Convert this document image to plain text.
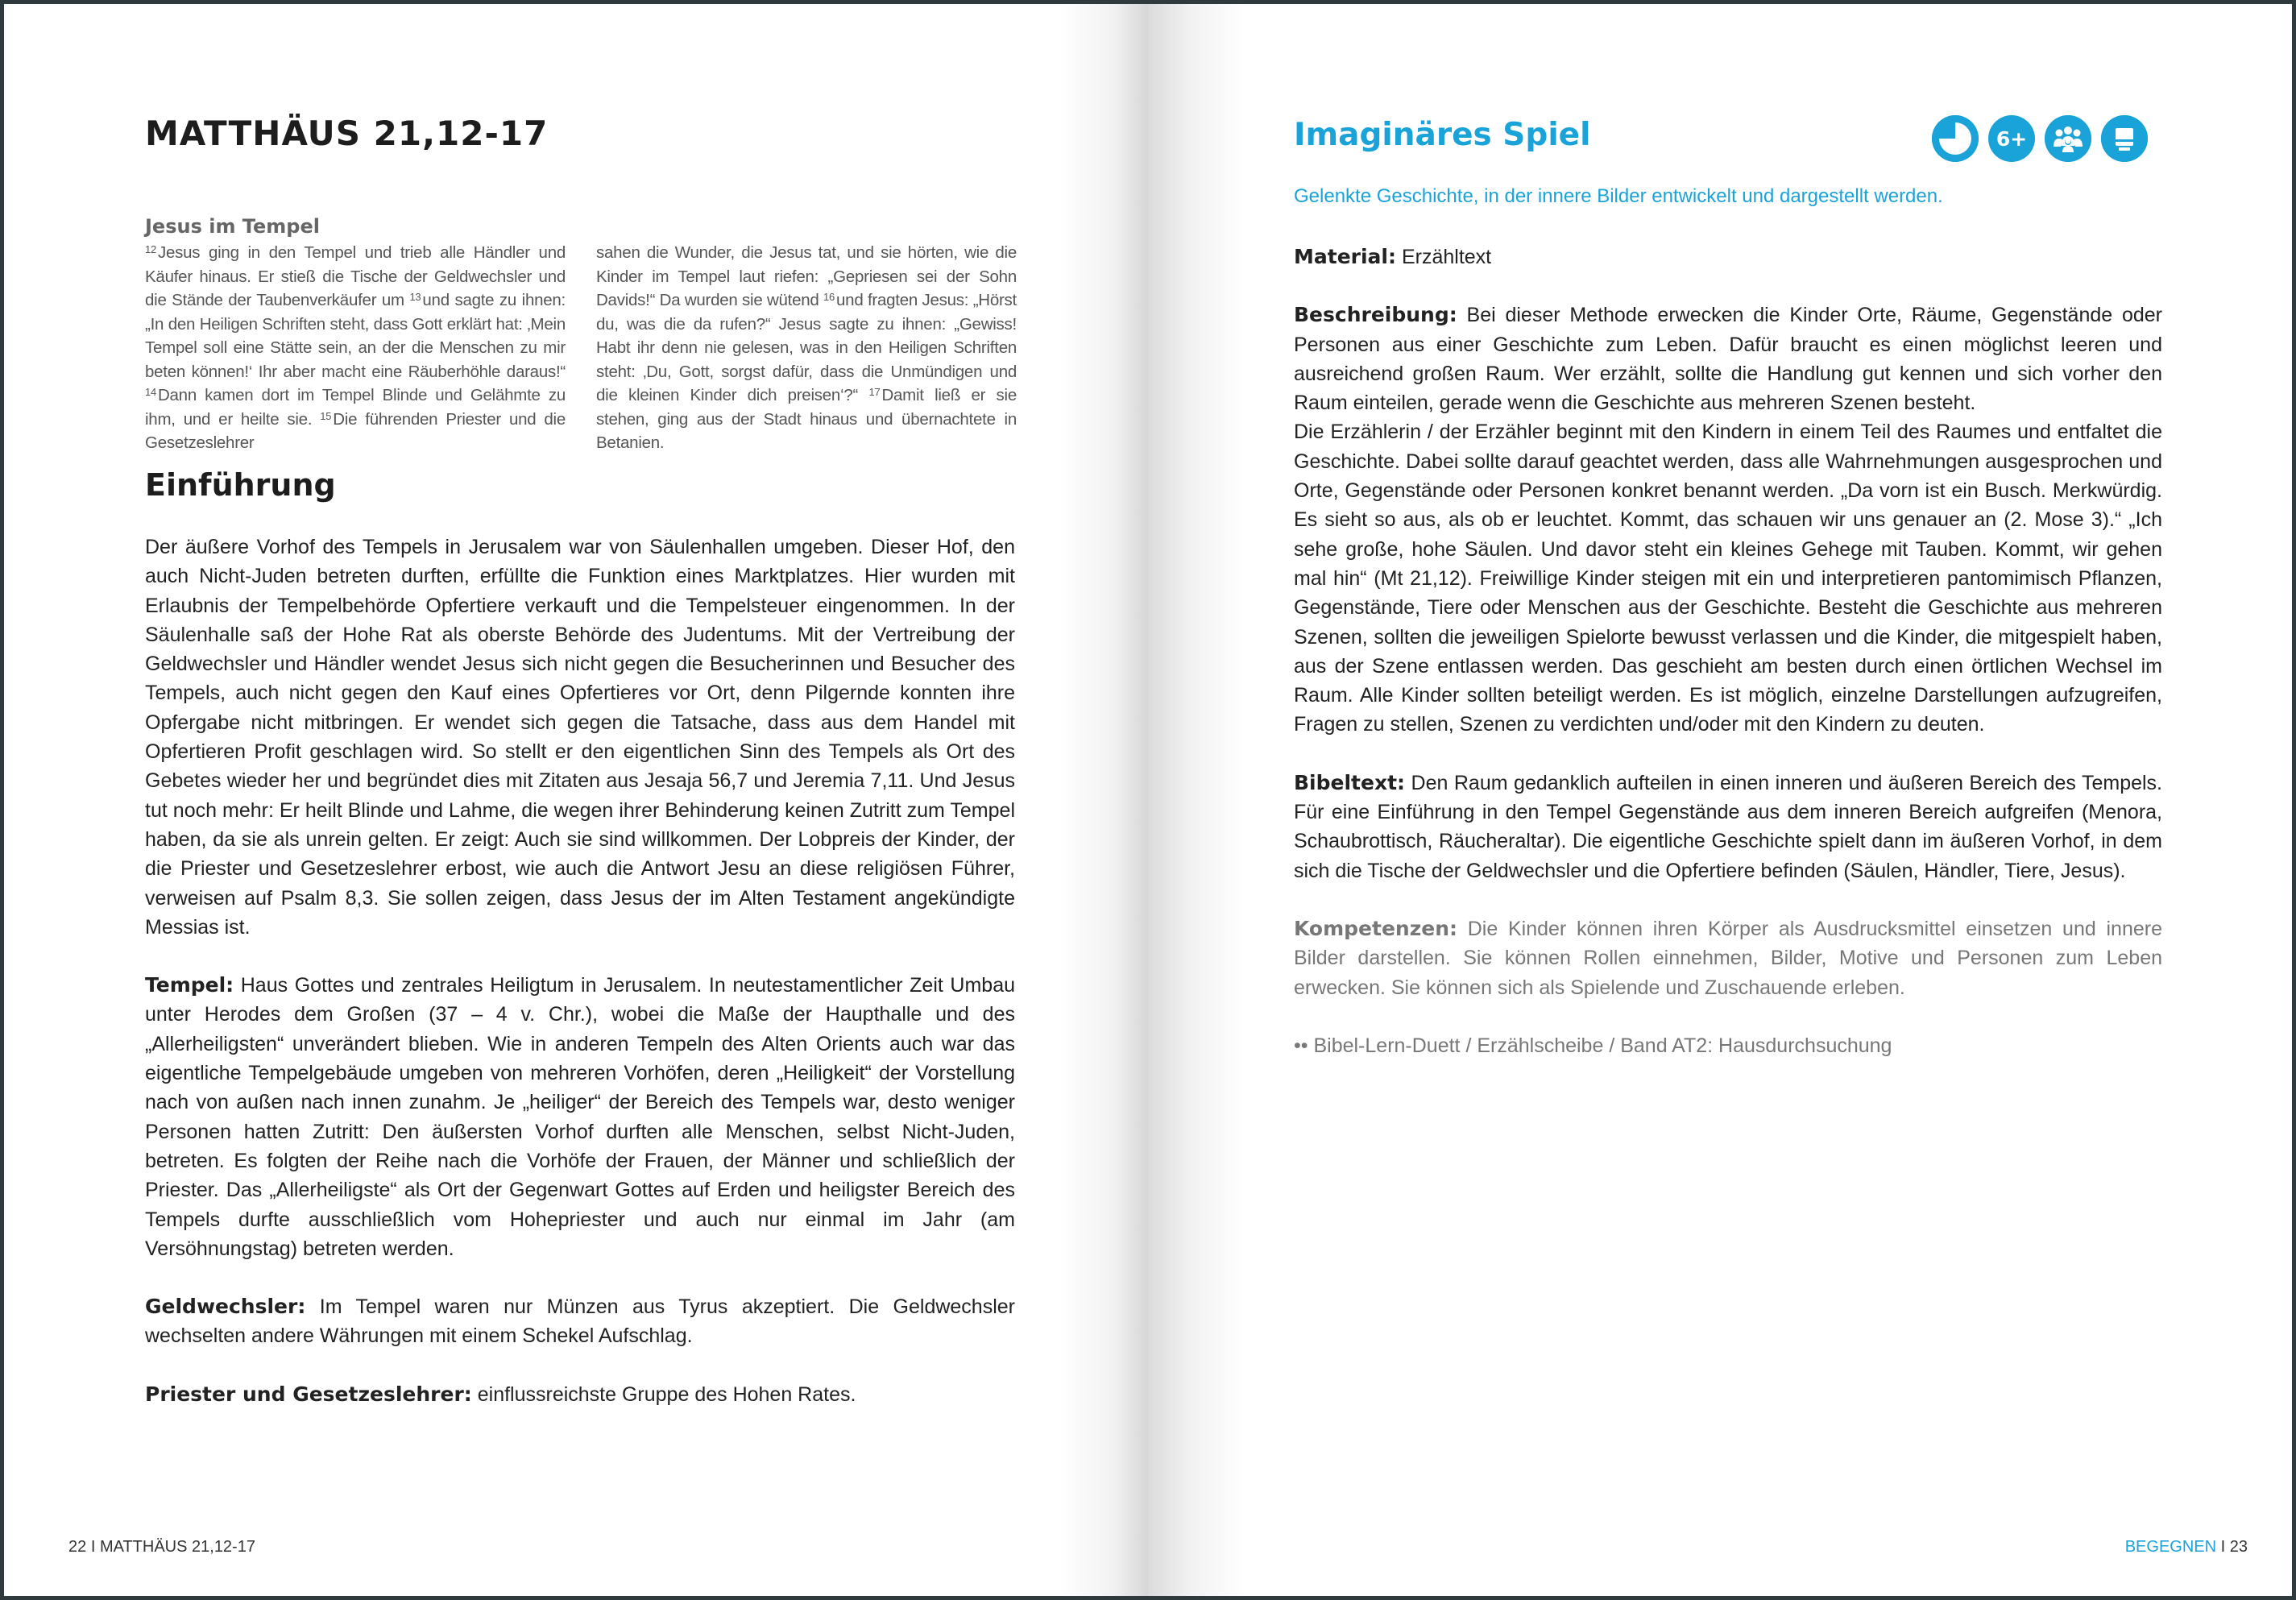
MATTHÄUS 21,12-17
Jesus im Tempel
$^{12}$Jesus ging in den Tempel und trieb alle Händler und Käufer hinaus. Er stieß die Tische der Geldwechsler und die Stände der Taubenverkäufer um $^{13}$und sagte zu ihnen: „In den Heiligen Schriften steht, dass Gott erklärt hat: ‚Mein Tempel soll eine Stätte sein, an der die Menschen zu mir beten können!‘ Ihr aber macht eine Räuberhöhle daraus!“ $^{14}$Dann kamen dort im Tempel Blinde und Gelähmte zu ihm, und er heilte sie. $^{15}$Die führenden Priester und die Gesetzeslehrer
sahen die Wunder, die Jesus tat, und sie hörten, wie die Kinder im Tempel laut riefen: „Gepriesen sei der Sohn Davids!“ Da wurden sie wütend $^{16}$und fragten Jesus: „Hörst du, was die da rufen?“ Jesus sagte zu ihnen: „Gewiss! Habt ihr denn nie gelesen, was in den Heiligen Schriften steht: ‚Du, Gott, sorgst dafür, dass die Unmündigen und die kleinen Kinder dich preisen‘?“ $^{17}$Damit ließ er sie stehen, ging aus der Stadt hinaus und übernachtete in Betanien.
Einführung

Der äußere Vorhof des Tempels in Jerusalem war von Säulenhallen umgeben. Dieser Hof, den auch Nicht-Juden betreten durften, erfüllte die Funktion eines Marktplatzes. Hier wurden mit Erlaubnis der Tempelbehörde Opfertiere verkauft und die Tempelsteuer eingenommen. In der Säulenhalle saß der Hohe Rat als oberste Behörde des Judentums. Mit der Vertreibung der Geldwechsler und Händler wendet Jesus sich nicht gegen die Besucherinnen und Besucher des Tempels, auch nicht gegen den Kauf eines Opfertieres vor Ort, denn Pilgernde konnten ihre Opfergabe nicht mitbringen. Er wendet sich gegen die Tatsache, dass aus dem Handel mit Opfertieren Profit geschlagen wird. So stellt er den eigentlichen Sinn des Tempels als Ort des Gebetes wieder her und begründet dies mit Zitaten aus Jesaja 56,7 und Jeremia 7,11. Und Jesus tut noch mehr: Er heilt Blinde und Lahme, die wegen ihrer Behinderung keinen Zutritt zum Tempel haben, da sie als unrein gelten. Er zeigt: Auch sie sind willkommen. Der Lobpreis der Kinder, der die Priester und Gesetzeslehrer erbost, wie auch die Antwort Jesu an diese religiösen Führer, verweisen auf Psalm 8,3. Sie sollen zeigen, dass Jesus der im Alten Testament angekündigte Messias ist.

Tempel: Haus Gottes und zentrales Heiligtum in Jerusalem. In neutestamentlicher Zeit Umbau unter Herodes dem Großen (37 – 4 v. Chr.), wobei die Maße der Haupthalle und des „Allerheiligsten“ unverändert blieben. Wie in anderen Tempeln des Alten Orients auch war das eigentliche Tempelgebäude umgeben von mehreren Vorhöfen, deren „Heiligkeit“ der Vorstellung nach von außen nach innen zunahm. Je „heiliger“ der Bereich des Tempels war, desto weniger Personen hatten Zutritt: Den äußersten Vorhof durften alle Menschen, selbst Nicht-Juden, betreten. Es folgten der Reihe nach die Vorhöfe der Frauen, der Männer und schließlich der Priester. Das „Allerheiligste“ als Ort der Gegenwart Gottes auf Erden und heiligster Bereich des Tempels durfte ausschließlich vom Hohepriester und auch nur einmal im Jahr (am Versöhnungstag) betreten werden.

Geldwechsler: Im Tempel waren nur Münzen aus Tyrus akzeptiert. Die Geldwechsler wechselten andere Währungen mit einem Schekel Aufschlag.

Priester und Gesetzeslehrer: einflussreichste Gruppe des Hohen Rates.

22 I MATTHÄUS 21,12-17
Imaginäres Spiel	6+
Gelenkte Geschichte, in der innere Bilder entwickelt und dargestellt werden.

Material: Erzähltext

Beschreibung: Bei dieser Methode erwecken die Kinder Orte, Räume, Gegenstände oder Personen aus einer Geschichte zum Leben. Dafür braucht es einen möglichst leeren und ausreichend großen Raum. Wer erzählt, sollte die Handlung gut kennen und sich vorher den Raum einteilen, gerade wenn die Geschichte aus mehreren Szenen besteht.

Die Erzählerin / der Erzähler beginnt mit den Kindern in einem Teil des Raumes und entfaltet die Geschichte. Dabei sollte darauf geachtet werden, dass alle Wahrnehmungen ausgesprochen und Orte, Gegenstände oder Personen konkret benannt werden. „Da vorn ist ein Busch. Merkwürdig. Es sieht so aus, als ob er leuchtet. Kommt, das schauen wir uns genauer an (2. Mose 3).“ „Ich sehe große, hohe Säulen. Und davor steht ein kleines Gehege mit Tauben. Kommt, wir gehen mal hin“ (Mt 21,12). Freiwillige Kinder steigen mit ein und interpretieren pantomimisch Pflanzen, Gegenstände, Tiere oder Menschen aus der Geschichte. Besteht die Geschichte aus mehreren Szenen, sollten die jeweiligen Spielorte bewusst verlassen und die Kinder, die mitgespielt haben, aus der Szene entlassen werden. Das geschieht am besten durch einen örtlichen Wechsel im Raum. Alle Kinder sollten beteiligt werden. Es ist möglich, einzelne Darstellungen aufzugreifen, Fragen zu stellen, Szenen zu verdichten und/oder mit den Kindern zu deuten.

Bibeltext: Den Raum gedanklich aufteilen in einen inneren und äußeren Bereich des Tempels. Für eine Einführung in den Tempel Gegenstände aus dem inneren Bereich aufgreifen (Menora, Schaubrottisch, Räucheraltar). Die eigentliche Geschichte spielt dann im äußeren Vorhof, in dem sich die Tische der Geldwechsler und die Opfertiere befinden (Säulen, Händler, Tiere, Jesus).

Kompetenzen: Die Kinder können ihren Körper als Ausdrucksmittel einsetzen und innere Bilder darstellen. Sie können Rollen einnehmen, Bilder, Motive und Personen zum Leben erwecken. Sie können sich als Spielende und Zuschauende erleben.

•• Bibel-Lern-Duett / Erzählscheibe / Band AT2: Hausdurchsuchung

BEGEGNEN I 23
